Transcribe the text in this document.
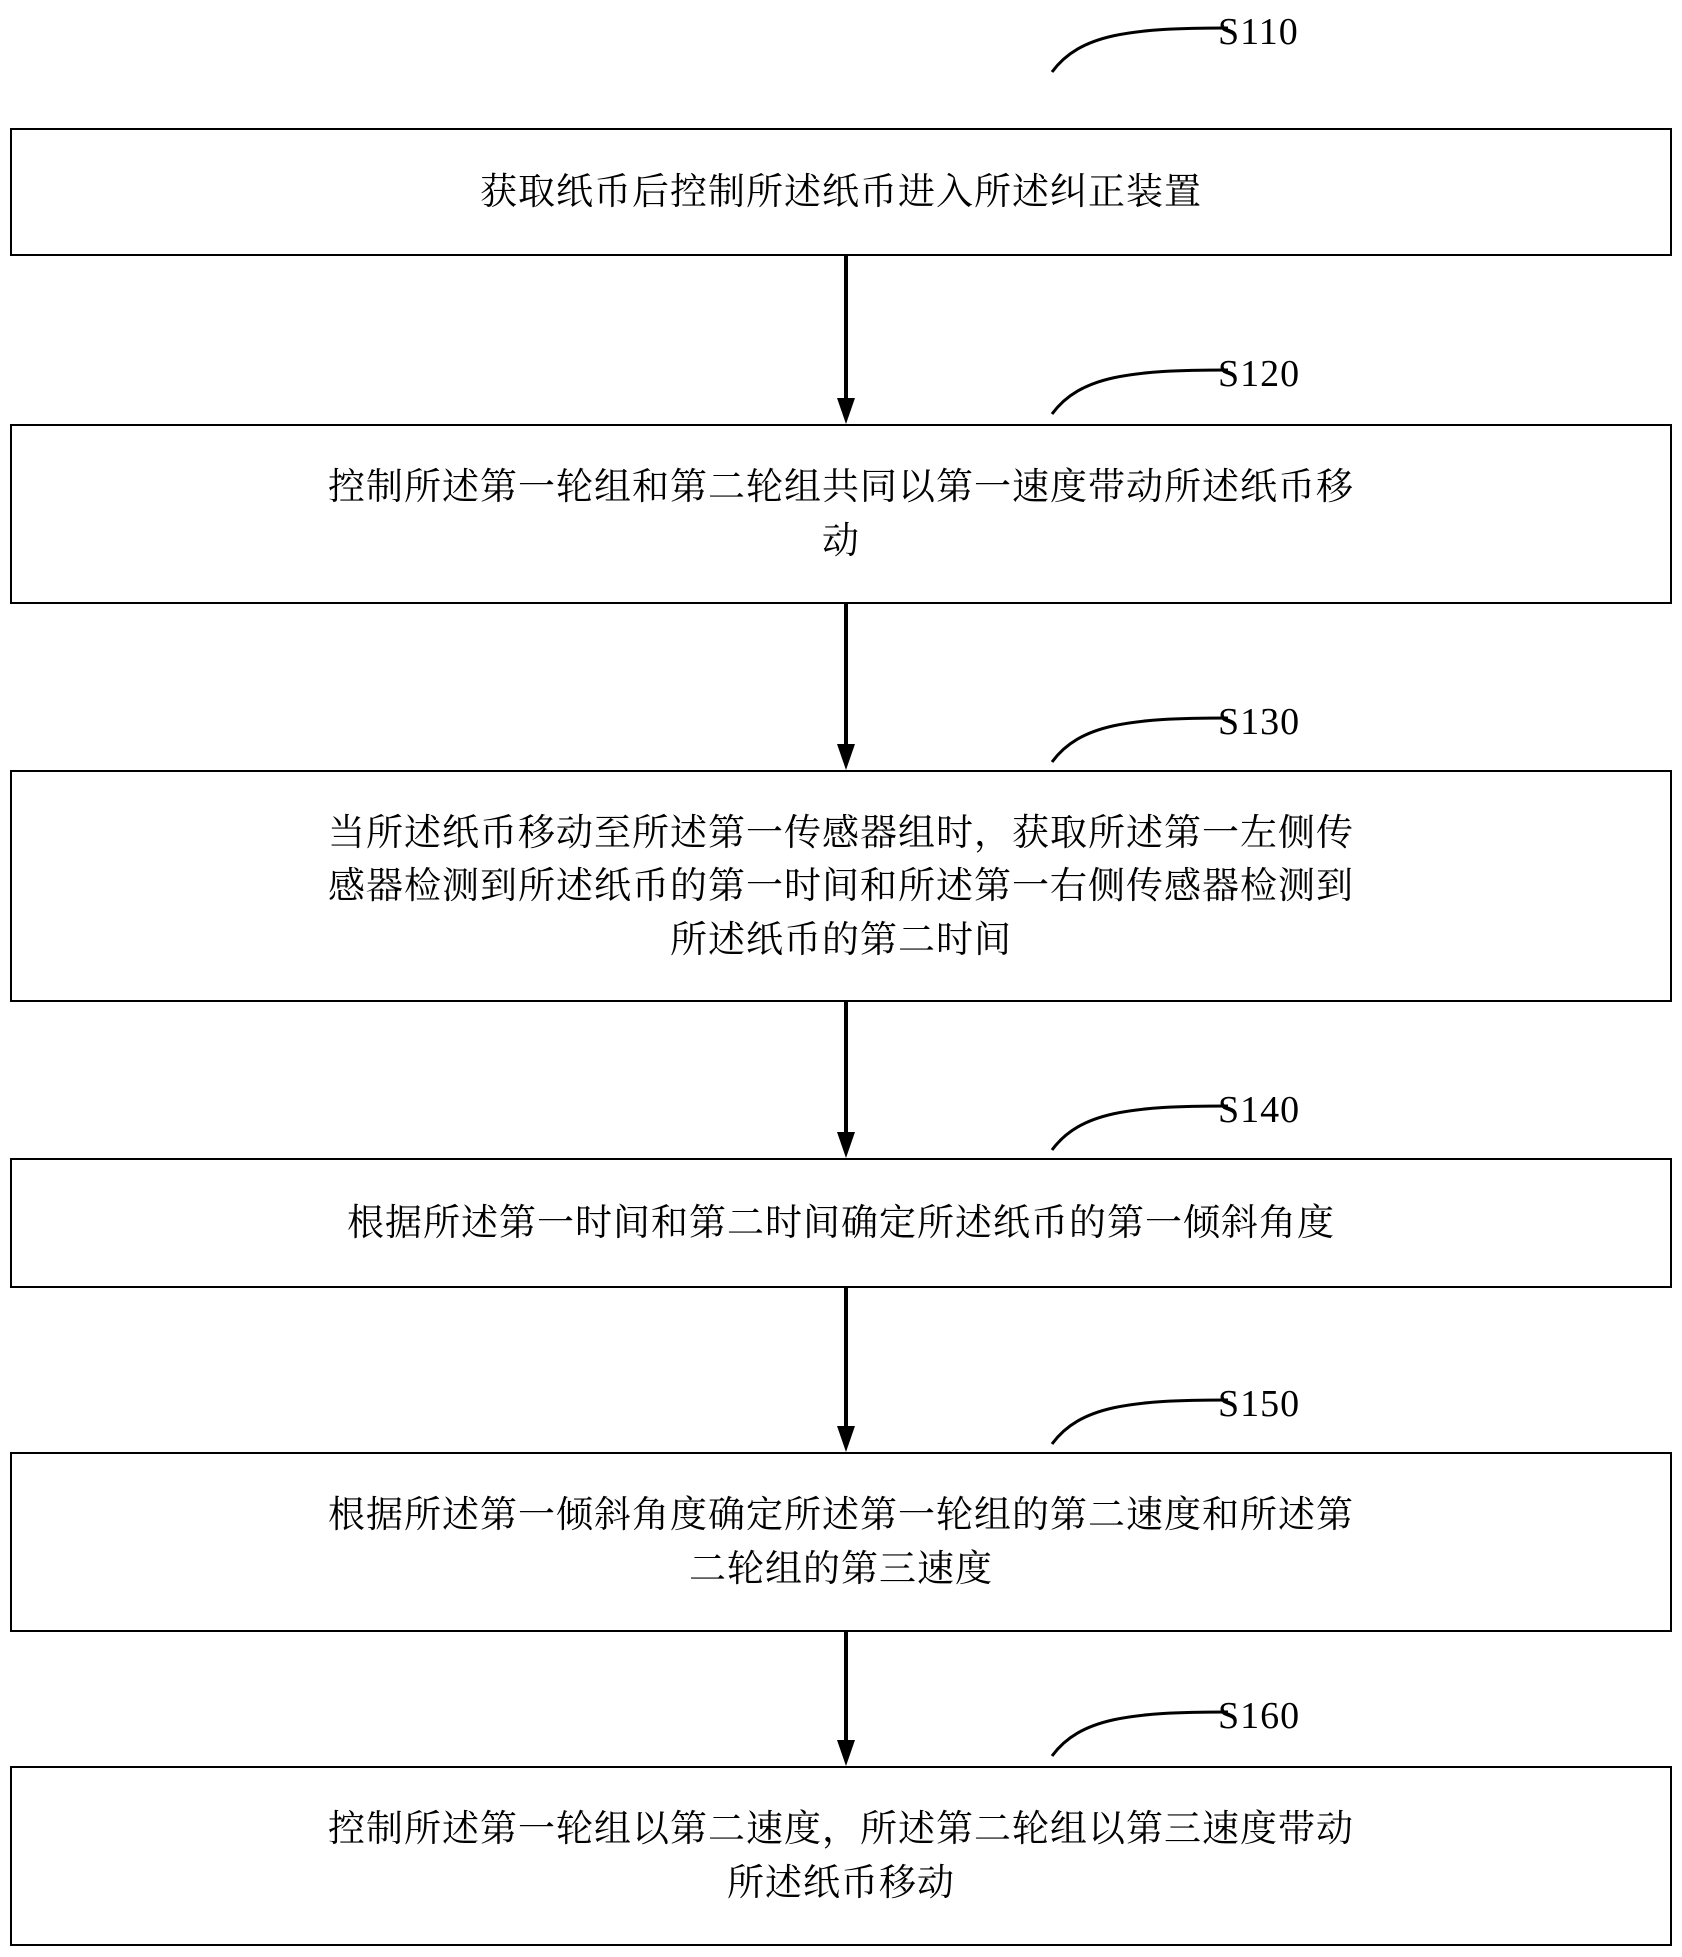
S110
获取纸币后控制所述纸币进入所述纠正装置
S120
控制所述第一轮组和第二轮组共同以第一速度带动所述纸币移
动
S130
当所述纸币移动至所述第一传感器组时，获取所述第一左侧传
感器检测到所述纸币的第一时间和所述第一右侧传感器检测到
所述纸币的第二时间
S140
根据所述第一时间和第二时间确定所述纸币的第一倾斜角度
S150
根据所述第一倾斜角度确定所述第一轮组的第二速度和所述第
二轮组的第三速度
S160
控制所述第一轮组以第二速度，所述第二轮组以第三速度带动
所述纸币移动
